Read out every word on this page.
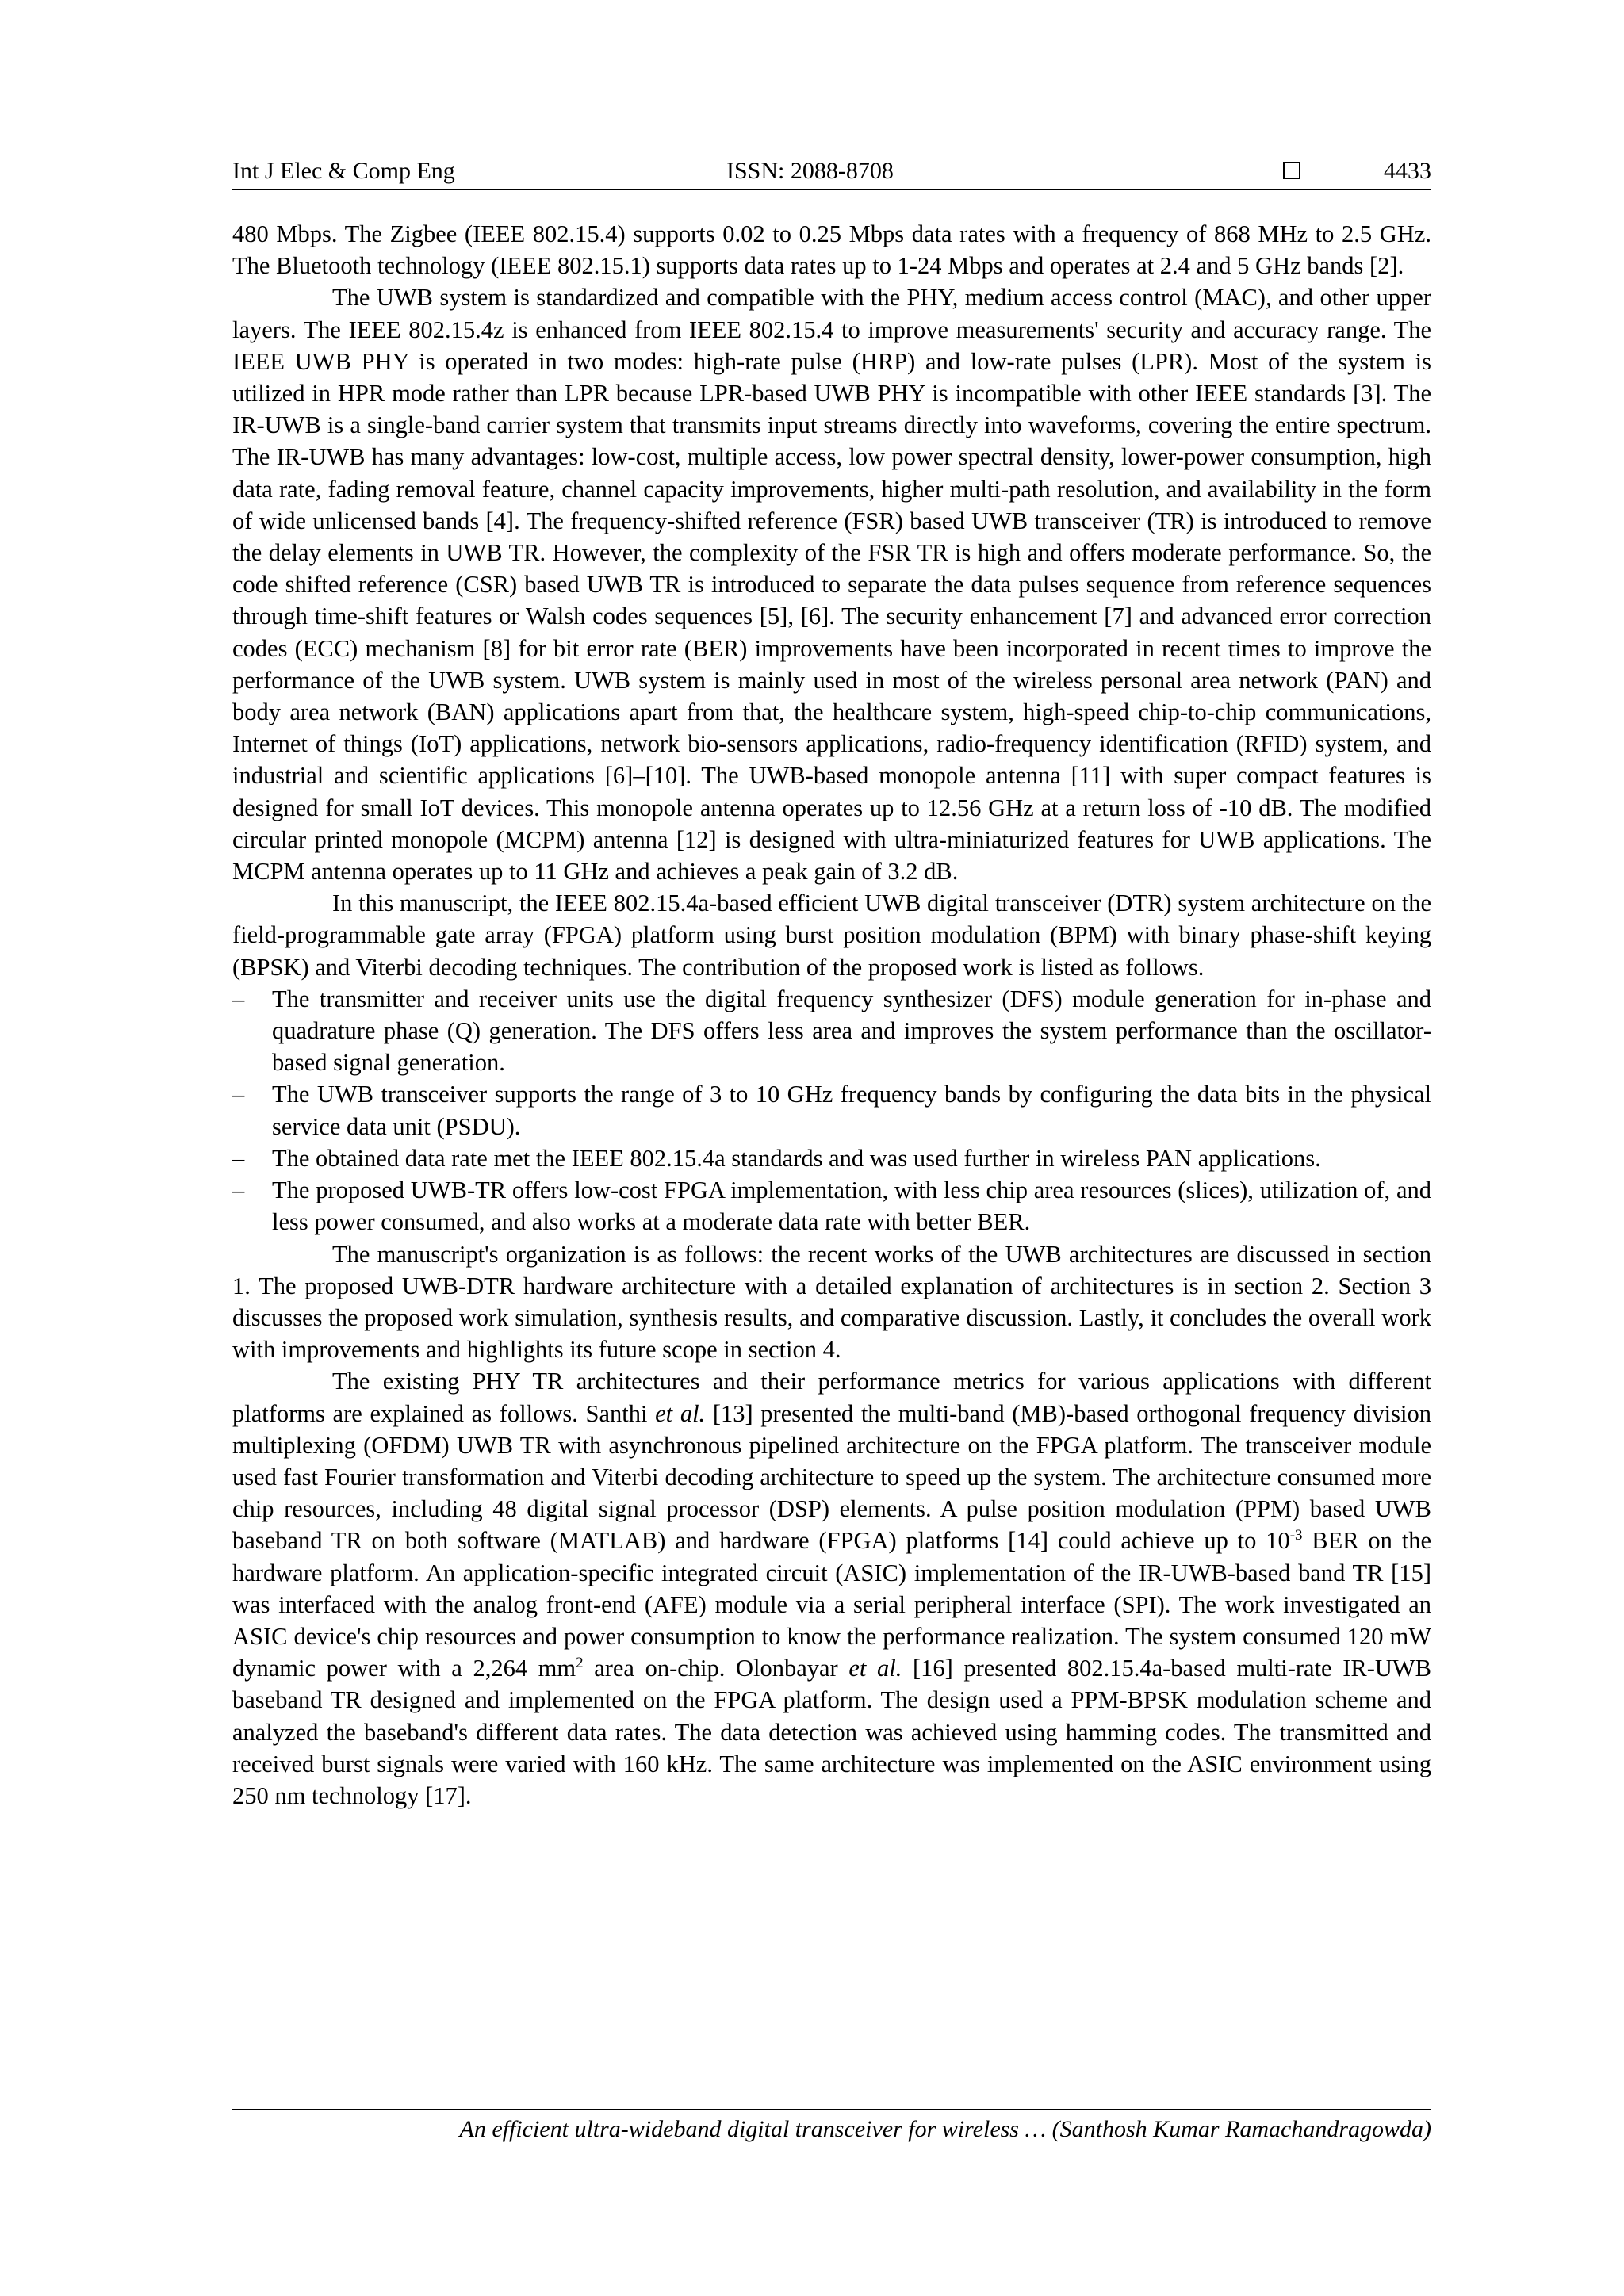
Int J Elec & Comp Eng	ISSN: 2088-8708	4433

480 Mbps. The Zigbee (IEEE 802.15.4) supports 0.02 to 0.25 Mbps data rates with a frequency of 868 MHz to 2.5 GHz. The Bluetooth technology (IEEE 802.15.1) supports data rates up to 1-24 Mbps and operates at 2.4 and 5 GHz bands [2].

The UWB system is standardized and compatible with the PHY, medium access control (MAC), and other upper layers. The IEEE 802.15.4z is enhanced from IEEE 802.15.4 to improve measurements' security and accuracy range. The IEEE UWB PHY is operated in two modes: high-rate pulse (HRP) and low-rate pulses (LPR). Most of the system is utilized in HPR mode rather than LPR because LPR-based UWB PHY is incompatible with other IEEE standards [3]. The IR-UWB is a single-band carrier system that transmits input streams directly into waveforms, covering the entire spectrum. The IR-UWB has many advantages: low-cost, multiple access, low power spectral density, lower-power consumption, high data rate, fading removal feature, channel capacity improvements, higher multi-path resolution, and availability in the form of wide unlicensed bands [4]. The frequency-shifted reference (FSR) based UWB transceiver (TR) is introduced to remove the delay elements in UWB TR. However, the complexity of the FSR TR is high and offers moderate performance. So, the code shifted reference (CSR) based UWB TR is introduced to separate the data pulses sequence from reference sequences through time-shift features or Walsh codes sequences [5], [6]. The security enhancement [7] and advanced error correction codes (ECC) mechanism [8] for bit error rate (BER) improvements have been incorporated in recent times to improve the performance of the UWB system. UWB system is mainly used in most of the wireless personal area network (PAN) and body area network (BAN) applications apart from that, the healthcare system, high-speed chip-to-chip communications, Internet of things (IoT) applications, network bio-sensors applications, radio-frequency identification (RFID) system, and industrial and scientific applications [6]–[10]. The UWB-based monopole antenna [11] with super compact features is designed for small IoT devices. This monopole antenna operates up to 12.56 GHz at a return loss of -10 dB. The modified circular printed monopole (MCPM) antenna [12] is designed with ultra-miniaturized features for UWB applications. The MCPM antenna operates up to 11 GHz and achieves a peak gain of 3.2 dB.

In this manuscript, the IEEE 802.15.4a-based efficient UWB digital transceiver (DTR) system architecture on the field-programmable gate array (FPGA) platform using burst position modulation (BPM) with binary phase-shift keying (BPSK) and Viterbi decoding techniques. The contribution of the proposed work is listed as follows.

– The transmitter and receiver units use the digital frequency synthesizer (DFS) module generation for in-phase and quadrature phase (Q) generation. The DFS offers less area and improves the system performance than the oscillator-based signal generation.
– The UWB transceiver supports the range of 3 to 10 GHz frequency bands by configuring the data bits in the physical service data unit (PSDU).
– The obtained data rate met the IEEE 802.15.4a standards and was used further in wireless PAN applications.
– The proposed UWB-TR offers low-cost FPGA implementation, with less chip area resources (slices), utilization of, and less power consumed, and also works at a moderate data rate with better BER.

The manuscript's organization is as follows: the recent works of the UWB architectures are discussed in section 1. The proposed UWB-DTR hardware architecture with a detailed explanation of architectures is in section 2. Section 3 discusses the proposed work simulation, synthesis results, and comparative discussion. Lastly, it concludes the overall work with improvements and highlights its future scope in section 4.

The existing PHY TR architectures and their performance metrics for various applications with different platforms are explained as follows. Santhi et al. [13] presented the multi-band (MB)-based orthogonal frequency division multiplexing (OFDM) UWB TR with asynchronous pipelined architecture on the FPGA platform. The transceiver module used fast Fourier transformation and Viterbi decoding architecture to speed up the system. The architecture consumed more chip resources, including 48 digital signal processor (DSP) elements. A pulse position modulation (PPM) based UWB baseband TR on both software (MATLAB) and hardware (FPGA) platforms [14] could achieve up to $10^{-3}$ BER on the hardware platform. An application-specific integrated circuit (ASIC) implementation of the IR-UWB-based band TR [15] was interfaced with the analog front-end (AFE) module via a serial peripheral interface (SPI). The work investigated an ASIC device's chip resources and power consumption to know the performance realization. The system consumed 120 mW dynamic power with a 2,264 $mm^2$ area on-chip. Olonbayar et al. [16] presented 802.15.4a-based multi-rate IR-UWB baseband TR designed and implemented on the FPGA platform. The design used a PPM-BPSK modulation scheme and analyzed the baseband's different data rates. The data detection was achieved using hamming codes. The transmitted and received burst signals were varied with 160 kHz. The same architecture was implemented on the ASIC environment using 250 nm technology [17].

An efficient ultra-wideband digital transceiver for wireless … (Santhosh Kumar Ramachandragowda)
